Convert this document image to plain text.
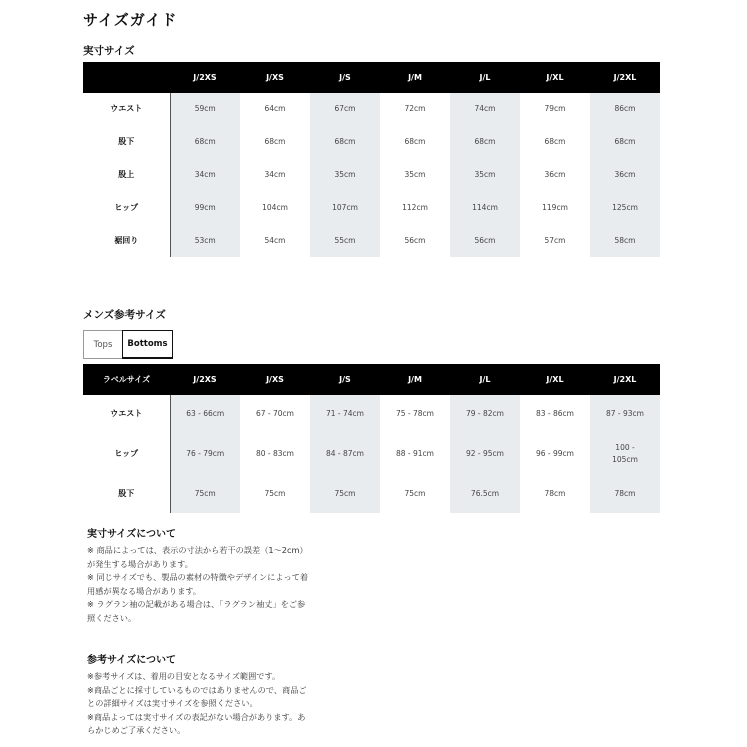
サイズガイド
実寸サイズ
	J/2XS	J/XS	J/S	J/M	J/L	J/XL	J/2XL
ウエスト	59cm	64cm	67cm	72cm	74cm	79cm	86cm
股下	68cm	68cm	68cm	68cm	68cm	68cm	68cm
股上	34cm	34cm	35cm	35cm	35cm	36cm	36cm
ヒップ	99cm	104cm	107cm	112cm	114cm	119cm	125cm
裾回り	53cm	54cm	55cm	56cm	56cm	57cm	58cm
メンズ参考サイズ
Tops	Bottoms
ラベルサイズ	J/2XS	J/XS	J/S	J/M	J/L	J/XL	J/2XL
ウエスト	63 - 66cm	67 - 70cm	71 - 74cm	75 - 78cm	79 - 82cm	83 - 86cm	87 - 93cm
ヒップ	76 - 79cm	80 - 83cm	84 - 87cm	88 - 91cm	92 - 95cm	96 - 99cm	100 - 105cm
股下	75cm	75cm	75cm	75cm	76.5cm	78cm	78cm
実寸サイズについて
※ 商品によっては、表示の寸法から若干の誤差（1〜2cm）
が発生する場合があります。
※ 同じサイズでも、製品の素材の特徴やデザインによって着
用感が異なる場合があります。
※ ラグラン袖の記載がある場合は、「ラグラン袖丈」をご参
照ください。
参考サイズについて
※参考サイズは、着用の目安となるサイズ範囲です。
※商品ごとに採寸しているものではありませんので、商品ご
との詳細サイズは実寸サイズを参照ください。
※商品よっては実寸サイズの表記がない場合があります。あ
らかじめご了承ください。
